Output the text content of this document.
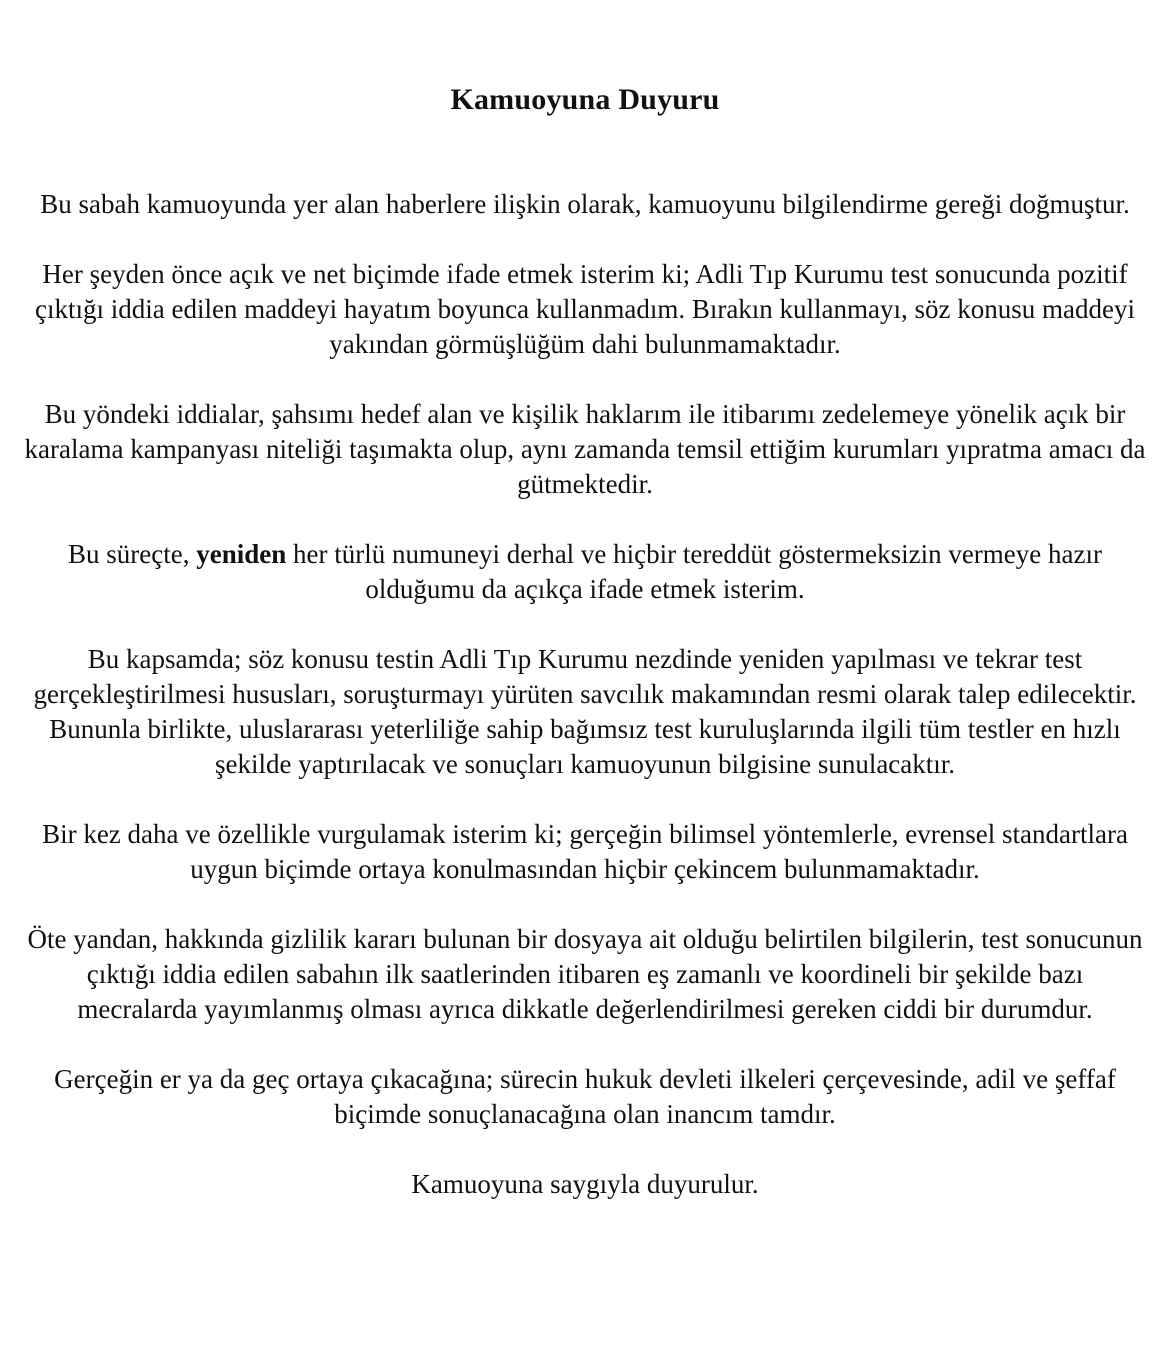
Kamuoyuna Duyuru

Bu sabah kamuoyunda yer alan haberlere ilişkin olarak, kamuoyunu bilgilendirme gereği doğmuştur.

Her şeyden önce açık ve net biçimde ifade etmek isterim ki; Adli Tıp Kurumu test sonucunda pozitif çıktığı iddia edilen maddeyi hayatım boyunca kullanmadım. Bırakın kullanmayı, söz konusu maddeyi yakından görmüşlüğüm dahi bulunmamaktadır.

Bu yöndeki iddialar, şahsımı hedef alan ve kişilik haklarım ile itibarımı zedelemeye yönelik açık bir karalama kampanyası niteliği taşımakta olup, aynı zamanda temsil ettiğim kurumları yıpratma amacı da gütmektedir.

Bu süreçte, yeniden her türlü numuneyi derhal ve hiçbir tereddüt göstermeksizin vermeye hazır olduğumu da açıkça ifade etmek isterim.

Bu kapsamda; söz konusu testin Adli Tıp Kurumu nezdinde yeniden yapılması ve tekrar test gerçekleştirilmesi hususları, soruşturmayı yürüten savcılık makamından resmi olarak talep edilecektir.

Bununla birlikte, uluslararası yeterliliğe sahip bağımsız test kuruluşlarında ilgili tüm testler en hızlı şekilde yaptırılacak ve sonuçları kamuoyunun bilgisine sunulacaktır.

Bir kez daha ve özellikle vurgulamak isterim ki; gerçeğin bilimsel yöntemlerle, evrensel standartlara uygun biçimde ortaya konulmasından hiçbir çekincem bulunmamaktadır.

Öte yandan, hakkında gizlilik kararı bulunan bir dosyaya ait olduğu belirtilen bilgilerin, test sonucunun çıktığı iddia edilen sabahın ilk saatlerinden itibaren eş zamanlı ve koordineli bir şekilde bazı mecralarda yayımlanmış olması ayrıca dikkatle değerlendirilmesi gereken ciddi bir durumdur.

Gerçeğin er ya da geç ortaya çıkacağına; sürecin hukuk devleti ilkeleri çerçevesinde, adil ve şeffaf biçimde sonuçlanacağına olan inancım tamdır.

Kamuoyuna saygıyla duyurulur.
